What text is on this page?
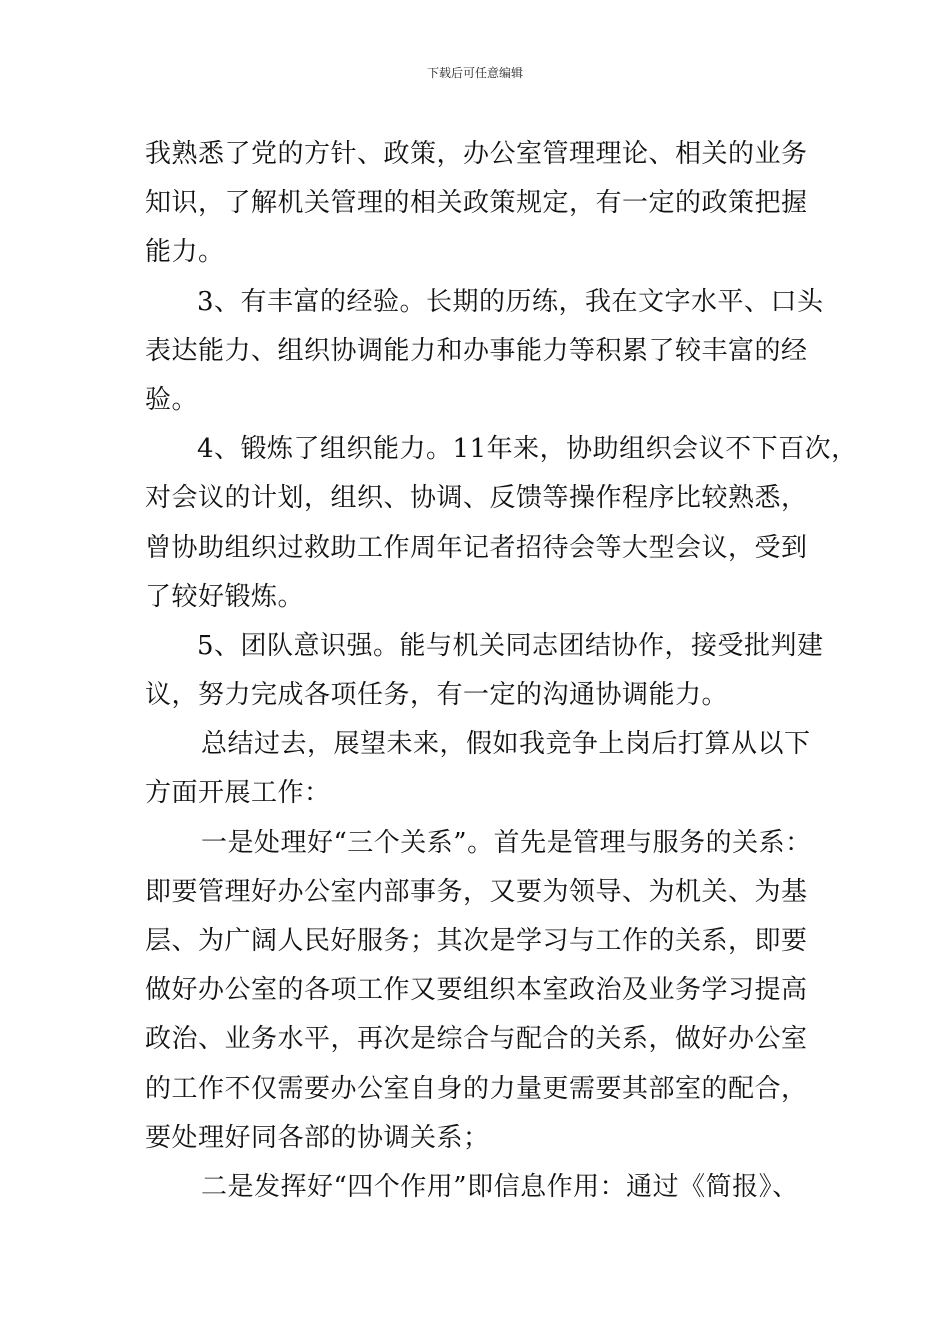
下载后可任意编辑
我熟悉了党的方针、政策，办公室管理理论、相关的业务
知识，了解机关管理的相关政策规定，有一定的政策把握
能力。
3、有丰富的经验。长期的历练，我在文字水平、口头
表达能力、组织协调能力和办事能力等积累了较丰富的经
验。
4、锻炼了组织能力。11年来，协助组织会议不下百次，
对会议的计划，组织、协调、反馈等操作程序比较熟悉，
曾协助组织过救助工作周年记者招待会等大型会议，受到
了较好锻炼。
5、团队意识强。能与机关同志团结协作，接受批判建
议，努力完成各项任务，有一定的沟通协调能力。
总结过去，展望未来，假如我竞争上岗后打算从以下
方面开展工作：
一是处理好“三个关系”。首先是管理与服务的关系：
即要管理好办公室内部事务，又要为领导、为机关、为基
层、为广阔人民好服务；其次是学习与工作的关系，即要
做好办公室的各项工作又要组织本室政治及业务学习提高
政治、业务水平，再次是综合与配合的关系，做好办公室
的工作不仅需要办公室自身的力量更需要其部室的配合，
要处理好同各部的协调关系；
二是发挥好“四个作用”即信息作用：通过《简报》、
